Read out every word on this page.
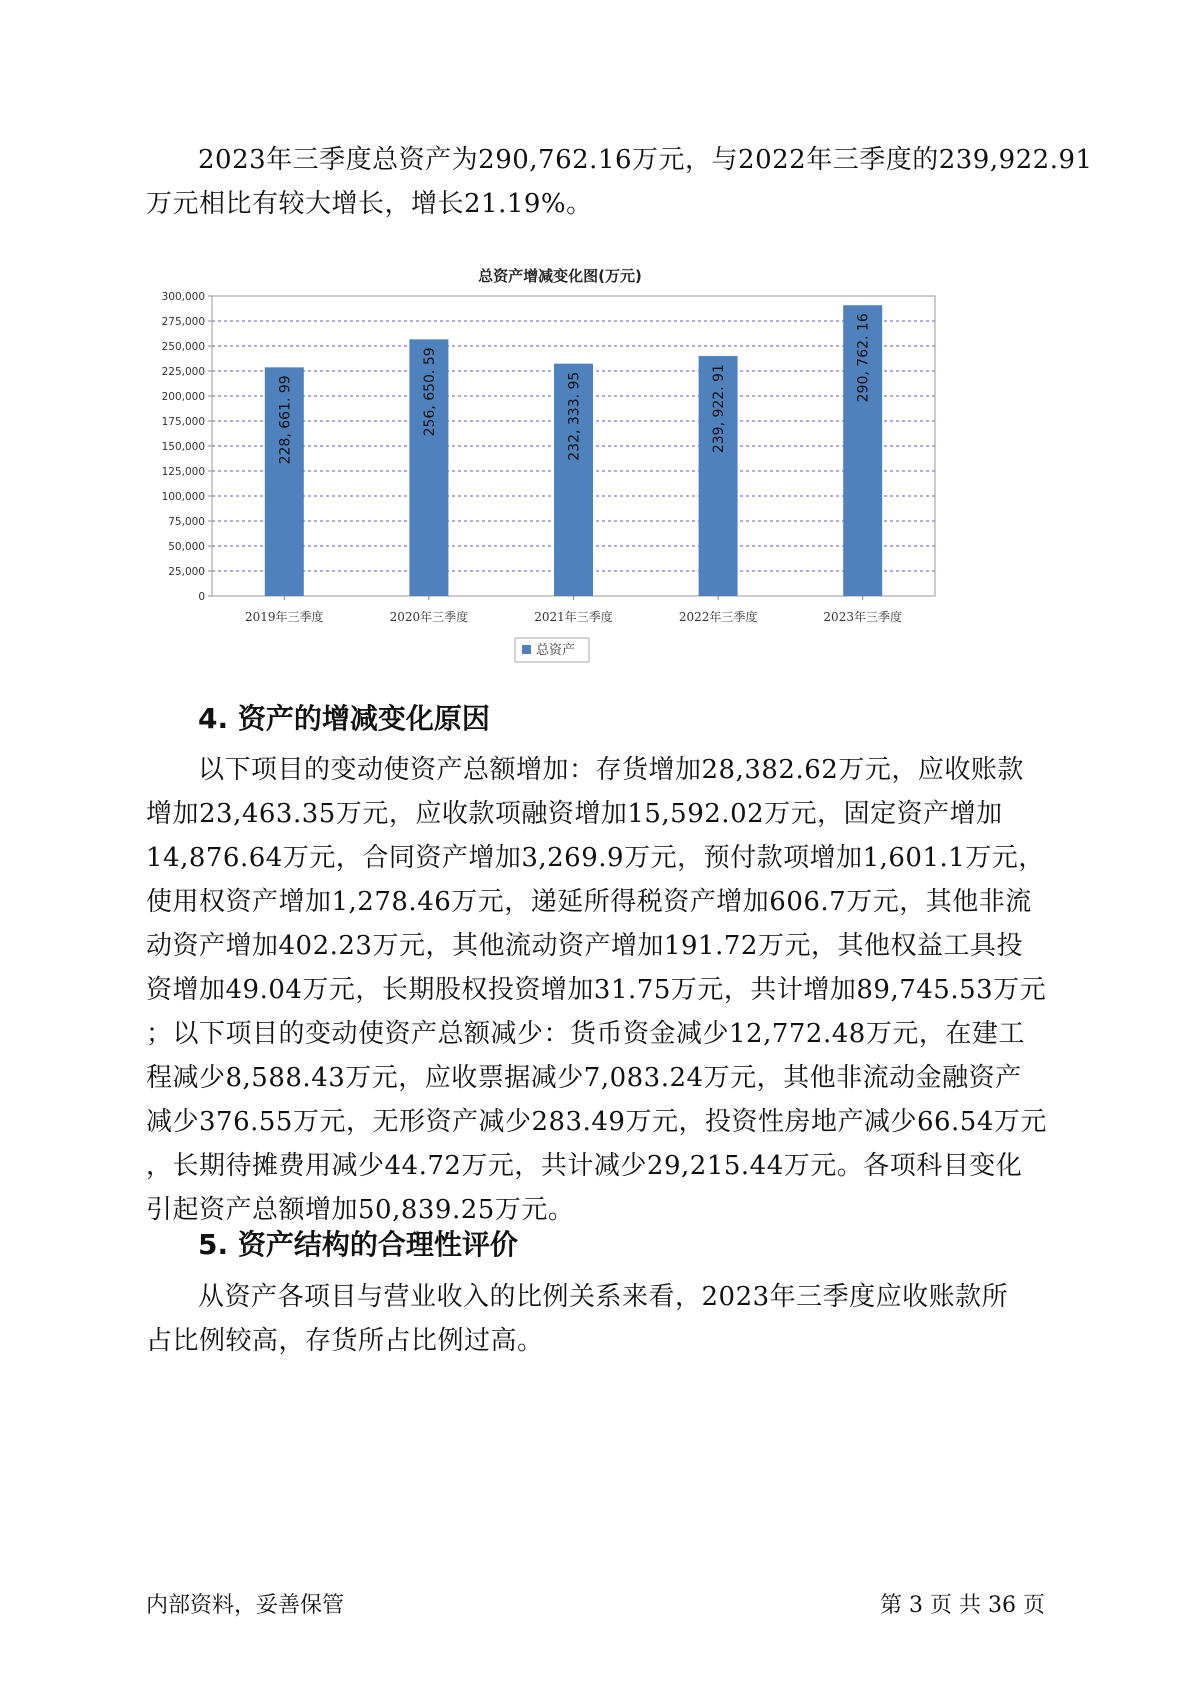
2023年三季度总资产为290,762.16万元，与2022年三季度的239,922.91
万元相比有较大增长，增长21.19%。
总资产增减变化图(万元)
0
25,000
50,000
75,000
100,000
125,000
150,000
175,000
200,000
225,000
250,000
275,000
300,000
228, 661. 99
2019年三季度
256, 650. 59
2020年三季度
232, 333. 95
2021年三季度
239, 922. 91
2022年三季度
290, 762. 16
2023年三季度
总资产
4. 资产的增减变化原因
以下项目的变动使资产总额增加：存货增加28,382.62万元，应收账款
增加23,463.35万元，应收款项融资增加15,592.02万元，固定资产增加
14,876.64万元，合同资产增加3,269.9万元，预付款项增加1,601.1万元，
使用权资产增加1,278.46万元，递延所得税资产增加606.7万元，其他非流
动资产增加402.23万元，其他流动资产增加191.72万元，其他权益工具投
资增加49.04万元，长期股权投资增加31.75万元，共计增加89,745.53万元
；以下项目的变动使资产总额减少：货币资金减少12,772.48万元，在建工
程减少8,588.43万元，应收票据减少7,083.24万元，其他非流动金融资产
减少376.55万元，无形资产减少283.49万元，投资性房地产减少66.54万元
，长期待摊费用减少44.72万元，共计减少29,215.44万元。各项科目变化
引起资产总额增加50,839.25万元。
5. 资产结构的合理性评价
从资产各项目与营业收入的比例关系来看，2023年三季度应收账款所
占比例较高，存货所占比例过高。
内部资料，妥善保管	第 3 页 共 36 页
